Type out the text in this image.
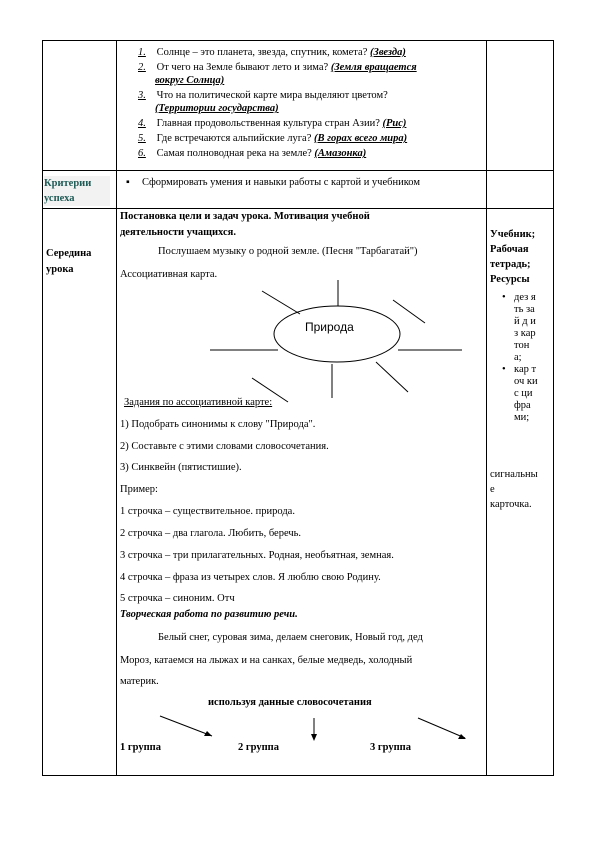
1. Солнце – это планета, звезда, спутник, комета? (Звезда)
2. От чего на Земле бывают лето и зима? (Земля вращается
вокруг Солнца)
3. Что на политической карте мира выделяют цветом?
(Территории государства)
4. Главная продовольственная культура стран Азии? (Рис)
5. Где встречаются альпийские луга? (В горах всего мира)
6. Самая полноводная река на земле? (Амазонка)
Критерии успеха
▪ Сформировать умения и навыки работы с картой и учебником
Середина
урока
Постановка цели и задач урока. Мотивация учебной
деятельности учащихся.
Послушаем музыку о родной земле. (Песня "Тарбагатай")
Ассоциативная карта.
Природа
Задания по ассоциативной карте:
1) Подобрать синонимы к слову "Природа".
2) Составьте с этими словами словосочетания.
3) Синквейн (пятистишие).
Пример:
1 строчка – существительное. природа.
2 строчка – два глагола. Любить, беречь.
3 строчка – три прилагательных. Родная, необъятная, земная.
4 строчка – фраза из четырех слов. Я люблю свою Родину.
5 строчка – синоним. Отч
Творческая работа по развитию речи.
Белый снег, суровая зима, делаем снеговик, Новый год, дед
Мороз, катаемся на лыжах и на санках, белые медведь, холодный
материк.
используя данные словосочетания
1 группа	2 группа	3 группа
Учебник;
Рабочая
тетрадь;
Ресурсы
• дез ять зай д из кар тон а;
• кар точ ки с ци фра ми;
сигнальны
е
карточка.
